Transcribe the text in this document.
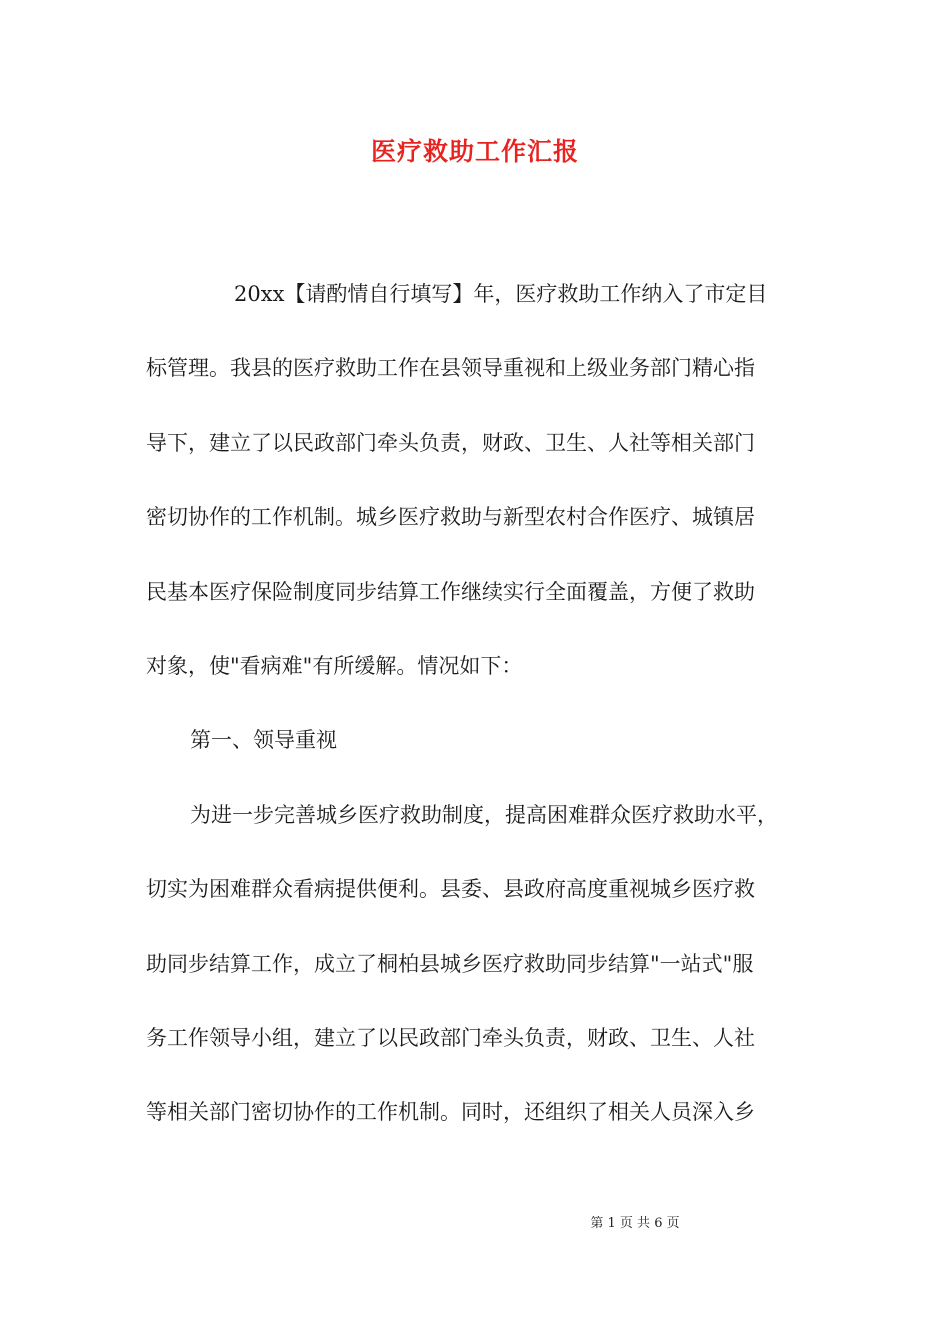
医疗救助工作汇报

20xx【请酌情自行填写】年，医疗救助工作纳入了市定目

标管理。我县的医疗救助工作在县领导重视和上级业务部门精心指

导下，建立了以民政部门牵头负责，财政、卫生、人社等相关部门

密切协作的工作机制。城乡医疗救助与新型农村合作医疗、城镇居

民基本医疗保险制度同步结算工作继续实行全面覆盖，方便了救助

对象，使"看病难"有所缓解。情况如下：

第一、领导重视

为进一步完善城乡医疗救助制度，提高困难群众医疗救助水平，

切实为困难群众看病提供便利。县委、县政府高度重视城乡医疗救

助同步结算工作，成立了桐柏县城乡医疗救助同步结算"一站式"服

务工作领导小组，建立了以民政部门牵头负责，财政、卫生、人社

等相关部门密切协作的工作机制。同时，还组织了相关人员深入乡

第 1 页 共 6 页
